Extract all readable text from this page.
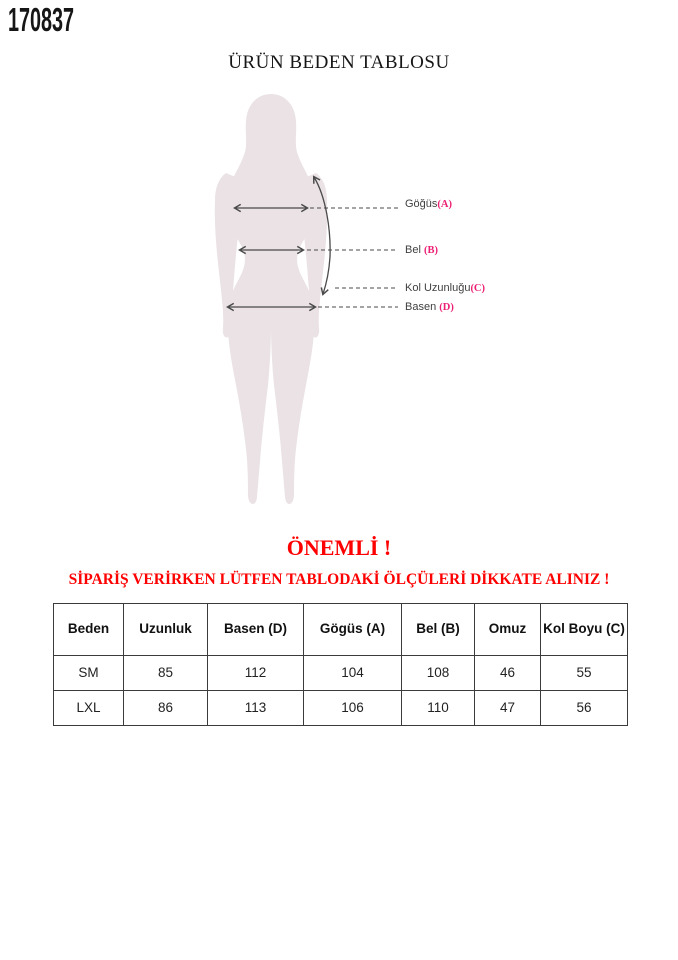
170837
ÜRÜN BEDEN TABLOSU
Göğüs(A)
Bel (B)
Kol Uzunluğu(C)
Basen (D)
ÖNEMLİ !
SİPARİŞ VERİRKEN LÜTFEN TABLODAKİ ÖLÇÜLERİ DİKKATE ALINIZ !
Beden	Uzunluk	Basen (D)	Gögüs (A)	Bel (B)	Omuz	Kol Boyu (C)
SM	85	112	104	108	46	55
LXL	86	113	106	110	47	56
